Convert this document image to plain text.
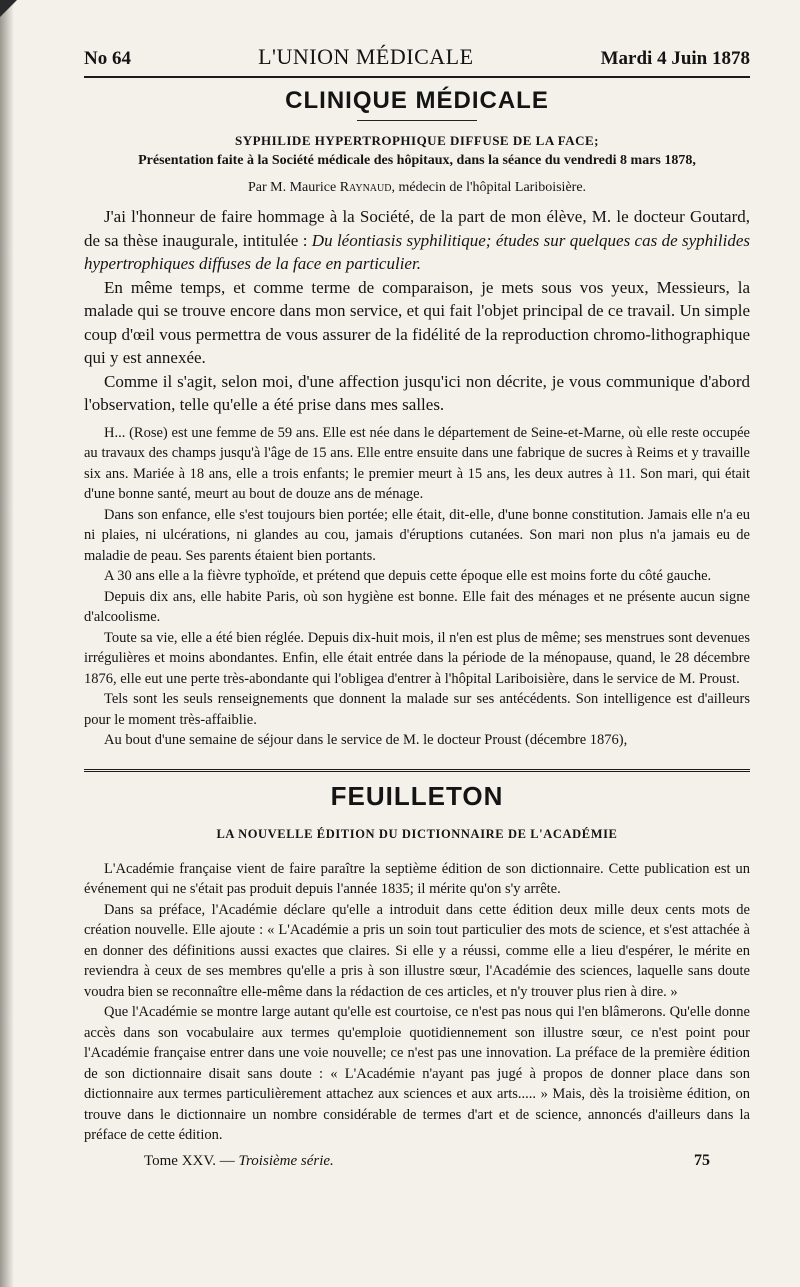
No 64	L'UNION MÉDICALE	Mardi 4 Juin 1878
CLINIQUE MÉDICALE
SYPHILIDE HYPERTROPHIQUE DIFFUSE DE LA FACE;
Présentation faite à la Société médicale des hôpitaux, dans la séance du vendredi 8 mars 1878,
Par M. Maurice Raynaud, médecin de l'hôpital Lariboisière.

J'ai l'honneur de faire hommage à la Société, de la part de mon élève, M. le docteur Goutard, de sa thèse inaugurale, intitulée : Du léontiasis syphilitique; études sur quelques cas de syphilides hypertrophiques diffuses de la face en particulier.

En même temps, et comme terme de comparaison, je mets sous vos yeux, Messieurs, la malade qui se trouve encore dans mon service, et qui fait l'objet principal de ce travail. Un simple coup d'œil vous permettra de vous assurer de la fidélité de la reproduction chromo-lithographique qui y est annexée.

Comme il s'agit, selon moi, d'une affection jusqu'ici non décrite, je vous communique d'abord l'observation, telle qu'elle a été prise dans mes salles.

H... (Rose) est une femme de 59 ans. Elle est née dans le département de Seine-et-Marne, où elle reste occupée au travaux des champs jusqu'à l'âge de 15 ans. Elle entre ensuite dans une fabrique de sucres à Reims et y travaille six ans. Mariée à 18 ans, elle a trois enfants; le premier meurt à 15 ans, les deux autres à 11. Son mari, qui était d'une bonne santé, meurt au bout de douze ans de ménage.

Dans son enfance, elle s'est toujours bien portée; elle était, dit-elle, d'une bonne constitution. Jamais elle n'a eu ni plaies, ni ulcérations, ni glandes au cou, jamais d'éruptions cutanées. Son mari non plus n'a jamais eu de maladie de peau. Ses parents étaient bien portants.

A 30 ans elle a la fièvre typhoïde, et prétend que depuis cette époque elle est moins forte du côté gauche.

Depuis dix ans, elle habite Paris, où son hygiène est bonne. Elle fait des ménages et ne présente aucun signe d'alcoolisme.

Toute sa vie, elle a été bien réglée. Depuis dix-huit mois, il n'en est plus de même; ses menstrues sont devenues irrégulières et moins abondantes. Enfin, elle était entrée dans la période de la ménopause, quand, le 28 décembre 1876, elle eut une perte très-abondante qui l'obligea d'entrer à l'hôpital Lariboisière, dans le service de M. Proust.

Tels sont les seuls renseignements que donnent la malade sur ses antécédents. Son intelligence est d'ailleurs pour le moment très-affaiblie.

Au bout d'une semaine de séjour dans le service de M. le docteur Proust (décembre 1876),

FEUILLETON
LA NOUVELLE ÉDITION DU DICTIONNAIRE DE L'ACADÉMIE

L'Académie française vient de faire paraître la septième édition de son dictionnaire. Cette publication est un événement qui ne s'était pas produit depuis l'année 1835; il mérite qu'on s'y arrête.

Dans sa préface, l'Académie déclare qu'elle a introduit dans cette édition deux mille deux cents mots de création nouvelle. Elle ajoute : « L'Académie a pris un soin tout particulier des mots de science, et s'est attachée à en donner des définitions aussi exactes que claires. Si elle y a réussi, comme elle a lieu d'espérer, le mérite en reviendra à ceux de ses membres qu'elle a pris à son illustre sœur, l'Académie des sciences, laquelle sans doute voudra bien se reconnaître elle-même dans la rédaction de ces articles, et n'y trouver plus rien à dire. »

Que l'Académie se montre large autant qu'elle est courtoise, ce n'est pas nous qui l'en blâmerons. Qu'elle donne accès dans son vocabulaire aux termes qu'emploie quotidiennement son illustre sœur, ce n'est point pour l'Académie française entrer dans une voie nouvelle; ce n'est pas une innovation. La préface de la première édition de son dictionnaire disait sans doute : « L'Académie n'ayant pas jugé à propos de donner place dans son dictionnaire aux termes particulièrement attachez aux sciences et aux arts..... » Mais, dès la troisième édition, on trouve dans le dictionnaire un nombre considérable de termes d'art et de science, annoncés d'ailleurs dans la préface de cette édition.

Tome XXV. — Troisième série.	75
